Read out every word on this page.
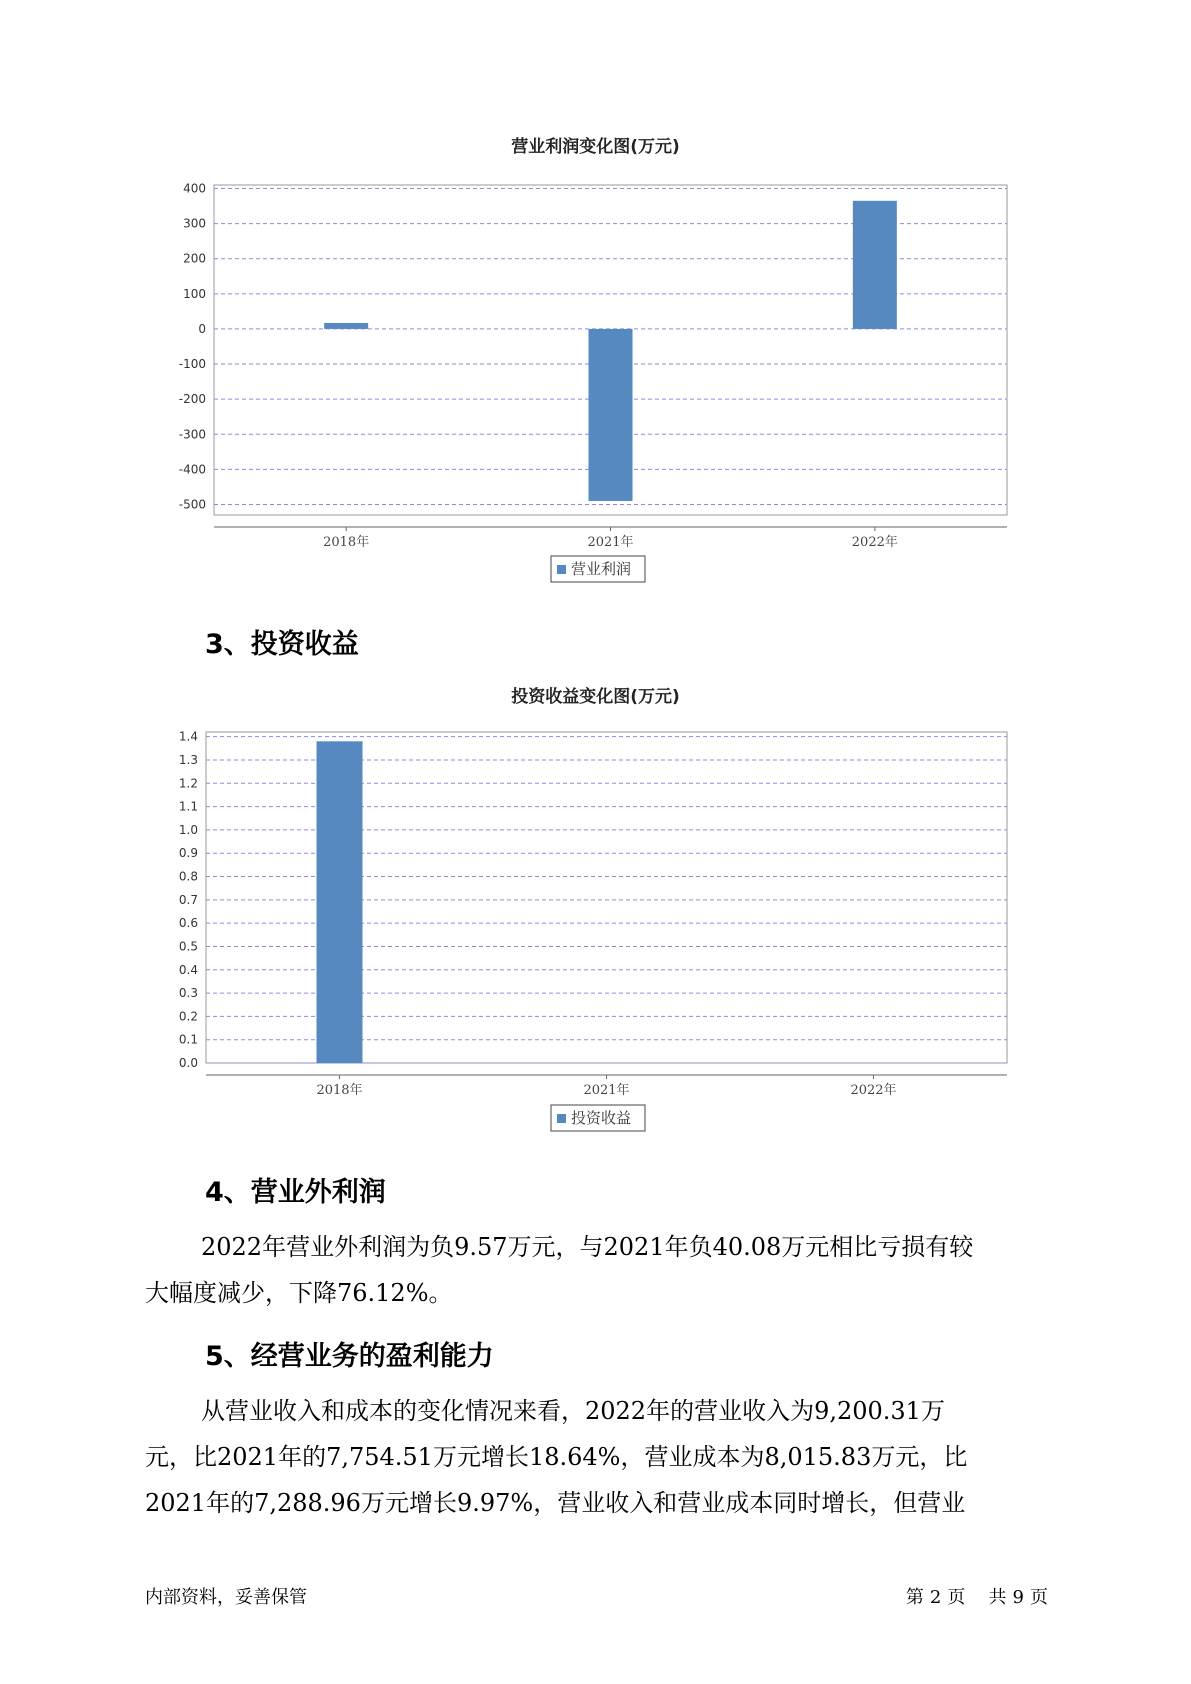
营业利润变化图(万元)
400
300
200
100
0
-100
-200
-300
-400
-500
2018年	2021年	2022年
营业利润
3、投资收益
投资收益变化图(万元)
1.4
1.3
1.2
1.1
1.0
0.9
0.8
0.7
0.6
0.5
0.4
0.3
0.2
0.1
0.0
2018年	2021年	2022年
投资收益
4、营业外利润
2022年营业外利润为负9.57万元，与2021年负40.08万元相比亏损有较
大幅度减少，下降76.12%。
5、经营业务的盈利能力
从营业收入和成本的变化情况来看，2022年的营业收入为9,200.31万
元，比2021年的7,754.51万元增长18.64%，营业成本为8,015.83万元，比
2021年的7,288.96万元增长9.97%，营业收入和营业成本同时增长，但营业
内部资料，妥善保管	第 2 页 共 9 页
